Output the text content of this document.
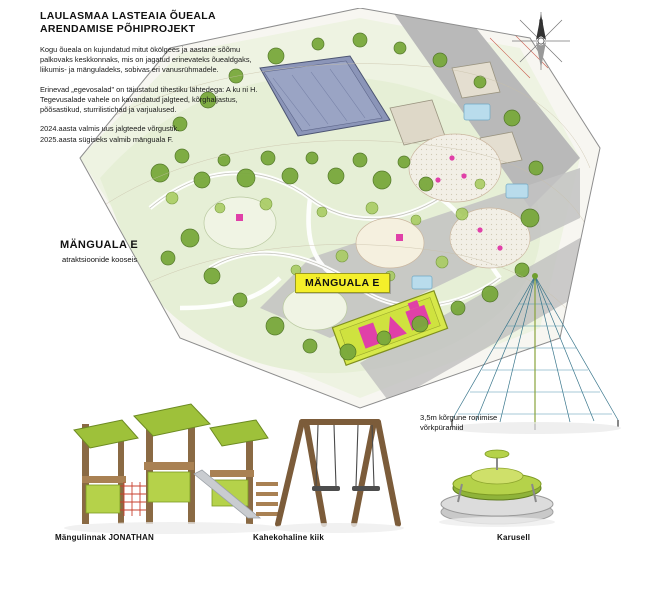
N
LAULASMAA LASTEAIA ÕUEALA
ARENDAMISE PÕHIPROJEKT
Kogu õueala on kujundatud mitut ökölgees ja aastane sõõmu palkovaks keskkonnaks, mis on jagatud erinevateks õuealdgaks, liikumis- ja mänguladeks, sobivas eri vanusrühmadele.
Erinevad „egevosalad" on täiustatud tihestiku lähtedega: A ku ni H. Tegevusalade vahele on kavandatud jalgteed, kõrghaljastus, põõsastikud, sturrilistichad ja varjualused.
2024.aasta valmis uus jalgteede võrgustik.
2025.aasta sügiseks valmib mänguala F.
MÄNGUALA E
atraktsioonide kooseis
MÄNGUALA E
3,5m kõrgune ronimise
võrkpüramiid
Mängulinnak JONATHAN	Kahekohaline kiik	Karusell
